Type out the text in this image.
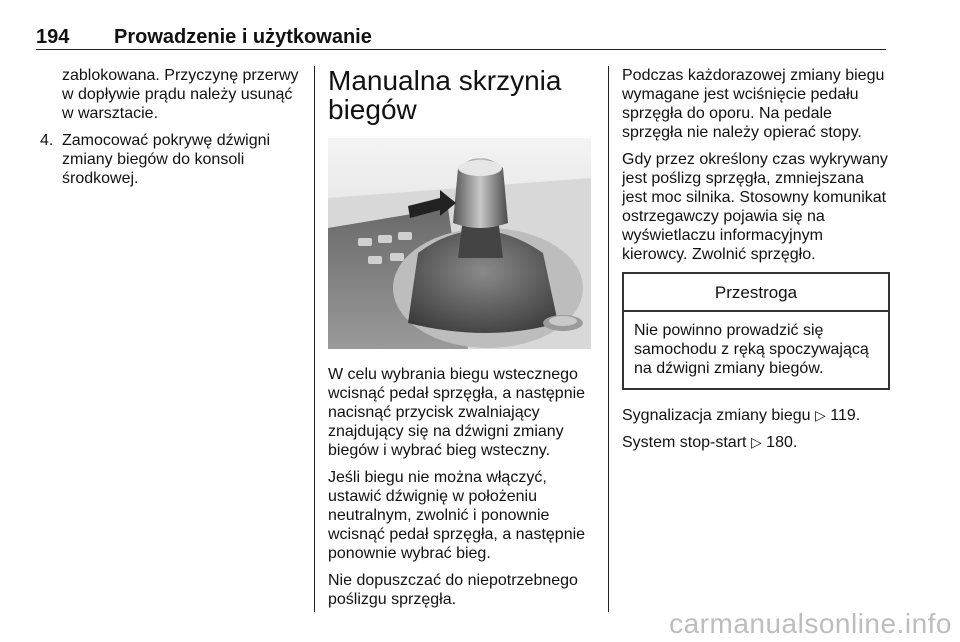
194 Prowadzenie i użytkowanie

zablokowana. Przyczynę przerwy w dopływie prądu należy usunąć w warsztacie.

4. Zamocować pokrywę dźwigni zmiany biegów do konsoli środkowej.
Manualna skrzynia
biegów

W celu wybrania biegu wstecznego wcisnąć pedał sprzęgła, a następnie nacisnąć przycisk zwalniający znajdujący się na dźwigni zmiany biegów i wybrać bieg wsteczny.

Jeśli biegu nie można włączyć, ustawić dźwignię w położeniu neutralnym, zwolnić i ponownie wcisnąć pedał sprzęgła, a następnie ponownie wybrać bieg.

Nie dopuszczać do niepotrzebnego poślizgu sprzęgła.

Podczas każdorazowej zmiany biegu wymagane jest wciśnięcie pedału sprzęgła do oporu. Na pedale sprzęgła nie należy opierać stopy.

Gdy przez określony czas wykrywany jest poślizg sprzęgła, zmniejszana jest moc silnika. Stosowny komunikat ostrzegawczy pojawia się na wyświetlaczu informacyjnym kierowcy. Zwolnić sprzęgło.

Przestroga
Nie powinno prowadzić się samochodu z ręką spoczywającą na dźwigni zmiany biegów.

Sygnalizacja zmiany biegu ▷ 119.

System stop-start ▷ 180.

carmanualsonline.info
